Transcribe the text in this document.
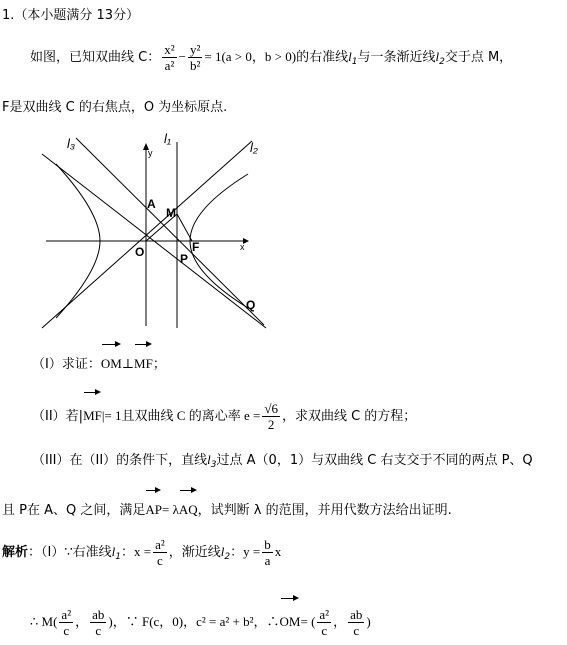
1.（本小题满分 13分）
如图，已知双曲线 C： $\frac{\text{x²}}{\text{a²}} - \frac{\text{y²}}{\text{b²}} = 1(a > 0$，b > 0)的右准线$l_1$与一条渐近线$l_2$交于点 M，
F是双曲线 C 的右焦点，O 为坐标原点.
l₃	l₁
l₂
y
x
A
M
O	P
F
Q
（I）求证：OM⊥MF；
（II）若|MF|= 1且双曲线 C 的离心率 $e = \frac{√6}{2}$ ，求双曲线 C 的方程；
（III）在（II）的条件下，直线$l_3$过点 A（0，1）与双曲线 C 右支交于不同的两点 P、Q
且 P在 A、Q 之间，满足AP= λAQ，试判断 λ 的范围，并用代数方法给出证明.
解析：（I）∵右准线$l_1$：$x = \frac{\text{a²}}{c}$ ，渐近线$l_2$：$y = \frac{b}{a}$ x
∴ $M( \frac{\text{a²}}{c}$ ， $\frac{ab}{c}$ )，∵ F(c，0)，c² = a² + b²，∴OM= ( $\frac{\text{a²}}{c}$ ， $\frac{ab}{c}$ )
